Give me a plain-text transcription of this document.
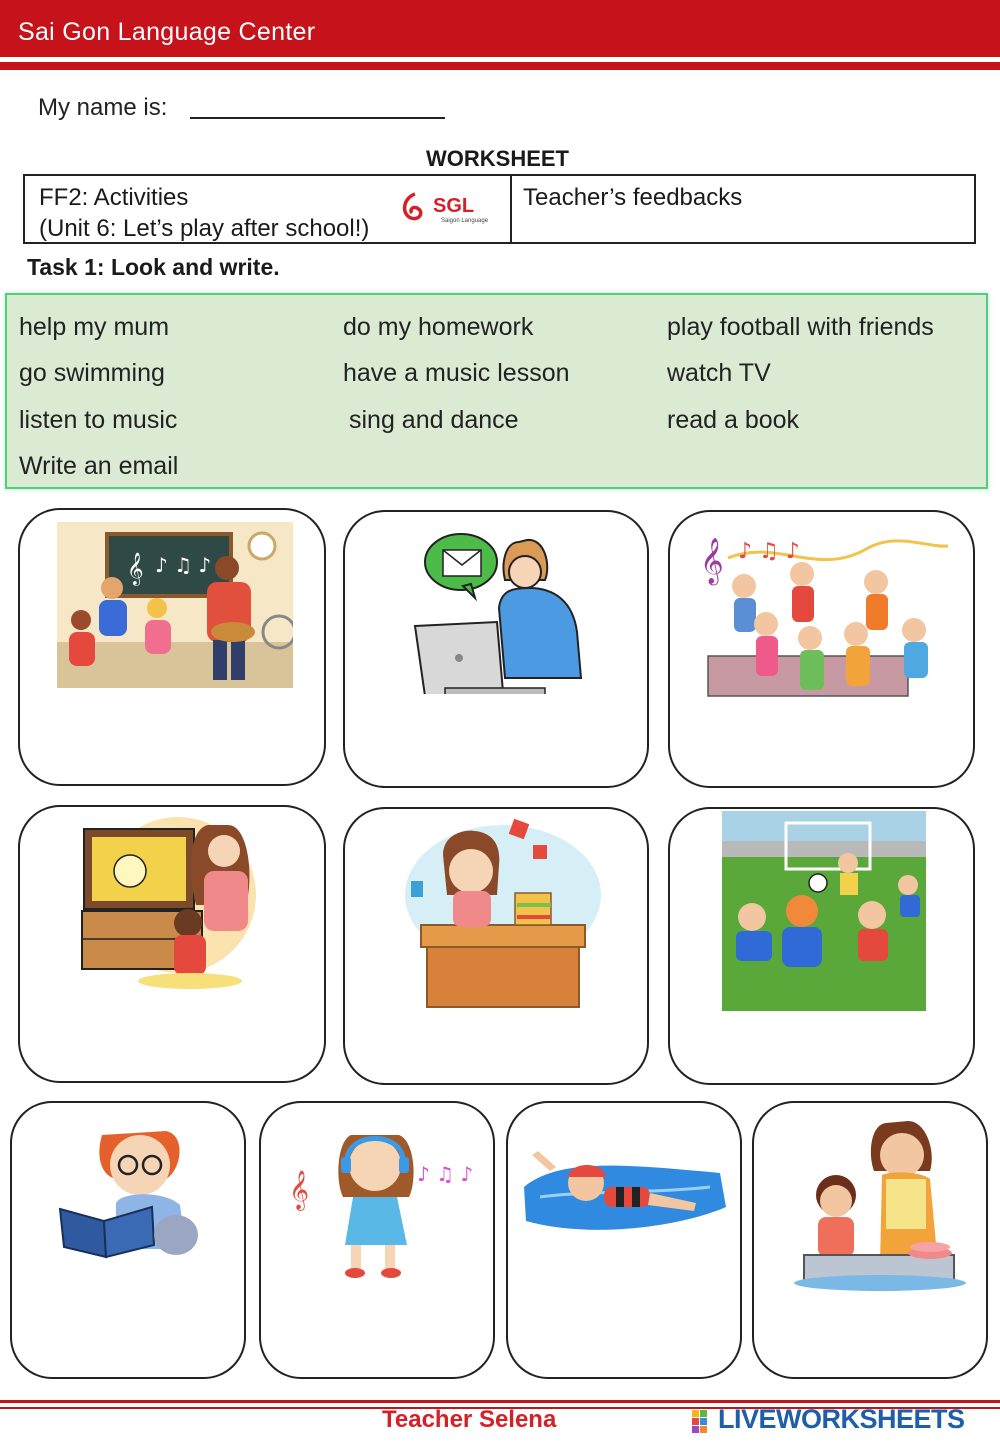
Sai Gon Language Center
My name is:
WORKSHEET
FF2: Activities
(Unit 6: Let’s play after school!)
SGL
Saigon Language
Teacher’s feedbacks
Task 1: Look and write.
help my mum	do my homework	play football with friends
go swimming	have a music lesson	watch TV
listen to music	sing and dance	read a book
Write an email
𝄞 ♪ ♫ ♪	𝄞 ♪ ♫ ♪
𝄞	♪ ♫ ♪
Teacher Selena	LIVEWORKSHEETS
